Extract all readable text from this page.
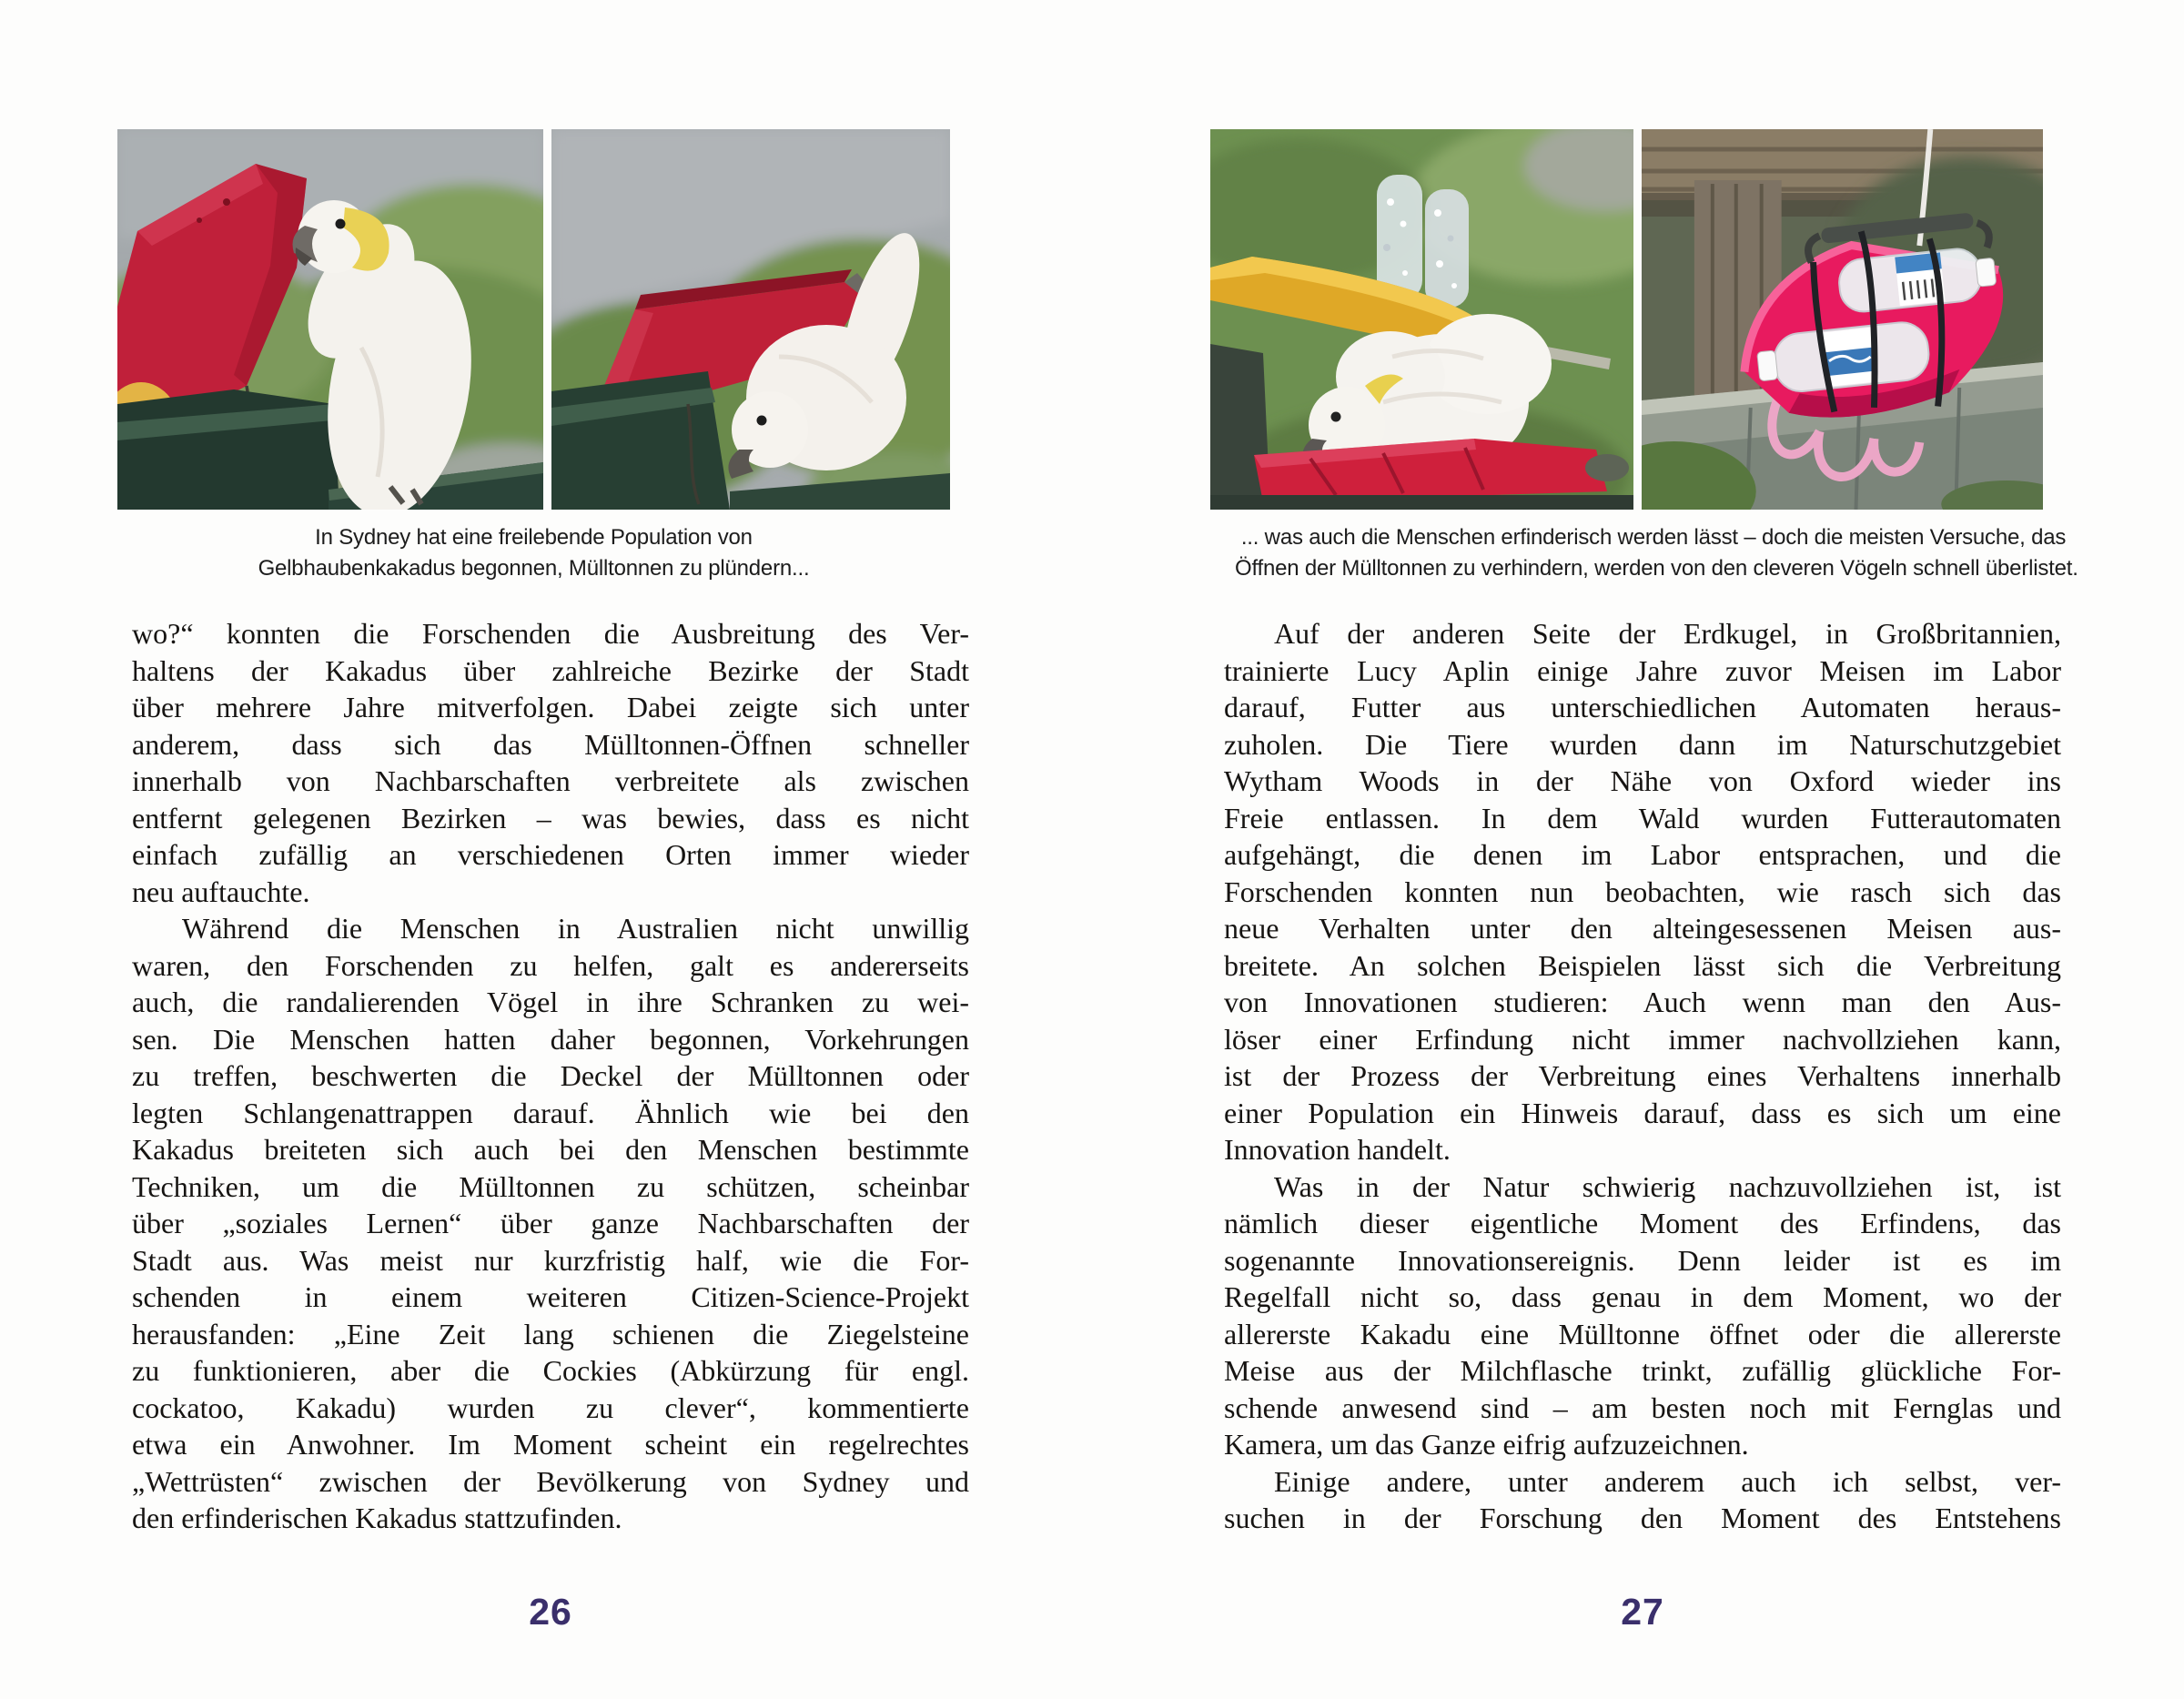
In Sydney hat eine freilebende Population von
Gelbhaubenkakadus begonnen, Mülltonnen zu plündern...
wo?“ konnten die Forschenden die Ausbreitung des Ver-
haltens der Kakadus über zahlreiche Bezirke der Stadt
über mehrere Jahre mitverfolgen. Dabei zeigte sich unter
anderem, dass sich das Mülltonnen-Öffnen schneller
innerhalb von Nachbarschaften verbreitete als zwischen
entfernt gelegenen Bezirken – was bewies, dass es nicht
einfach zufällig an verschiedenen Orten immer wieder
neu auftauchte.
Während die Menschen in Australien nicht unwillig
waren, den Forschenden zu helfen, galt es andererseits
auch, die randalierenden Vögel in ihre Schranken zu wei-
sen. Die Menschen hatten daher begonnen, Vorkehrungen
zu treffen, beschwerten die Deckel der Mülltonnen oder
legten Schlangenattrappen darauf. Ähnlich wie bei den
Kakadus breiteten sich auch bei den Menschen bestimmte
Techniken, um die Mülltonnen zu schützen, scheinbar
über „soziales Lernen“ über ganze Nachbarschaften der
Stadt aus. Was meist nur kurzfristig half, wie die For-
schenden in einem weiteren Citizen-Science-Projekt
herausfanden: „Eine Zeit lang schienen die Ziegelsteine
zu funktionieren, aber die Cockies (Abkürzung für engl.
cockatoo, Kakadu) wurden zu clever“, kommentierte
etwa ein Anwohner. Im Moment scheint ein regelrechtes
„Wettrüsten“ zwischen der Bevölkerung von Sydney und
den erfinderischen Kakadus stattzufinden.
26
... was auch die Menschen erfinderisch werden lässt – doch die meisten Versuche, das
Öffnen der Mülltonnen zu verhindern, werden von den cleveren Vögeln schnell überlistet.
Auf der anderen Seite der Erdkugel, in Großbritannien,
trainierte Lucy Aplin einige Jahre zuvor Meisen im Labor
darauf, Futter aus unterschiedlichen Automaten heraus-
zuholen. Die Tiere wurden dann im Naturschutzgebiet
Wytham Woods in der Nähe von Oxford wieder ins
Freie entlassen. In dem Wald wurden Futterautomaten
aufgehängt, die denen im Labor entsprachen, und die
Forschenden konnten nun beobachten, wie rasch sich das
neue Verhalten unter den alteingesessenen Meisen aus-
breitete. An solchen Beispielen lässt sich die Verbreitung
von Innovationen studieren: Auch wenn man den Aus-
löser einer Erfindung nicht immer nachvollziehen kann,
ist der Prozess der Verbreitung eines Verhaltens innerhalb
einer Population ein Hinweis darauf, dass es sich um eine
Innovation handelt.
Was in der Natur schwierig nachzuvollziehen ist, ist
nämlich dieser eigentliche Moment des Erfindens, das
sogenannte Innovationsereignis. Denn leider ist es im
Regelfall nicht so, dass genau in dem Moment, wo der
allererste Kakadu eine Mülltonne öffnet oder die allererste
Meise aus der Milchflasche trinkt, zufällig glückliche For-
schende anwesend sind – am besten noch mit Fernglas und
Kamera, um das Ganze eifrig aufzuzeichnen.
Einige andere, unter anderem auch ich selbst, ver-
suchen in der Forschung den Moment des Entstehens
27
